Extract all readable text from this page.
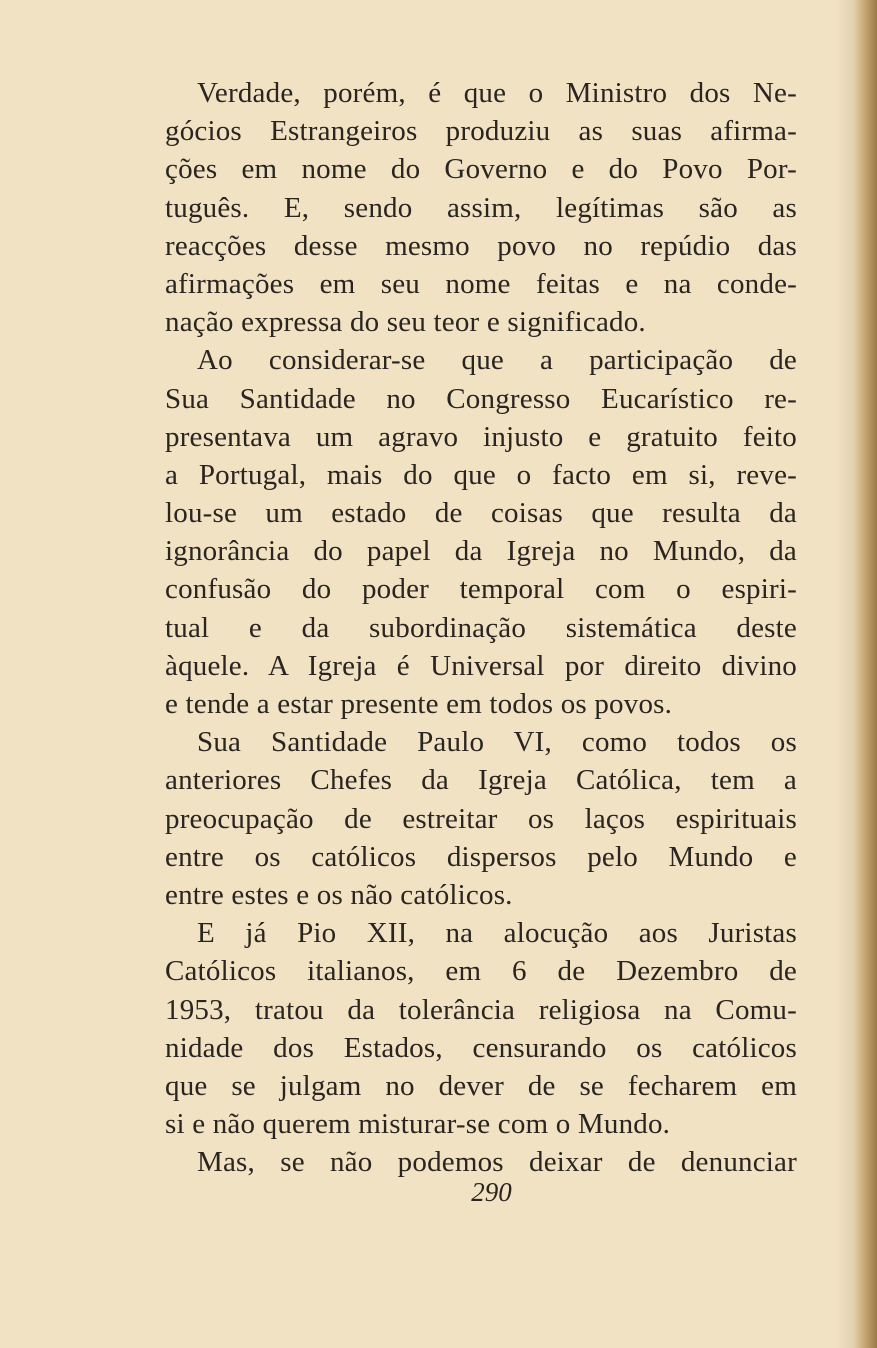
Verdade, porém, é que o Ministro dos Ne-
gócios Estrangeiros produziu as suas afirma-
ções em nome do Governo e do Povo Por-
tuguês. E, sendo assim, legítimas são as
reacções desse mesmo povo no repúdio das
afirmações em seu nome feitas e na conde-
nação expressa do seu teor e significado.
Ao considerar-se que a participação de
Sua Santidade no Congresso Eucarístico re-
presentava um agravo injusto e gratuito feito
a Portugal, mais do que o facto em si, reve-
lou-se um estado de coisas que resulta da
ignorância do papel da Igreja no Mundo, da
confusão do poder temporal com o espiri-
tual e da subordinação sistemática deste
àquele. A Igreja é Universal por direito divino
e tende a estar presente em todos os povos.
Sua Santidade Paulo VI, como todos os
anteriores Chefes da Igreja Católica, tem a
preocupação de estreitar os laços espirituais
entre os católicos dispersos pelo Mundo e
entre estes e os não católicos.
E já Pio XII, na alocução aos Juristas
Católicos italianos, em 6 de Dezembro de
1953, tratou da tolerância religiosa na Comu-
nidade dos Estados, censurando os católicos
que se julgam no dever de se fecharem em
si e não querem misturar-se com o Mundo.
Mas, se não podemos deixar de denunciar
290
